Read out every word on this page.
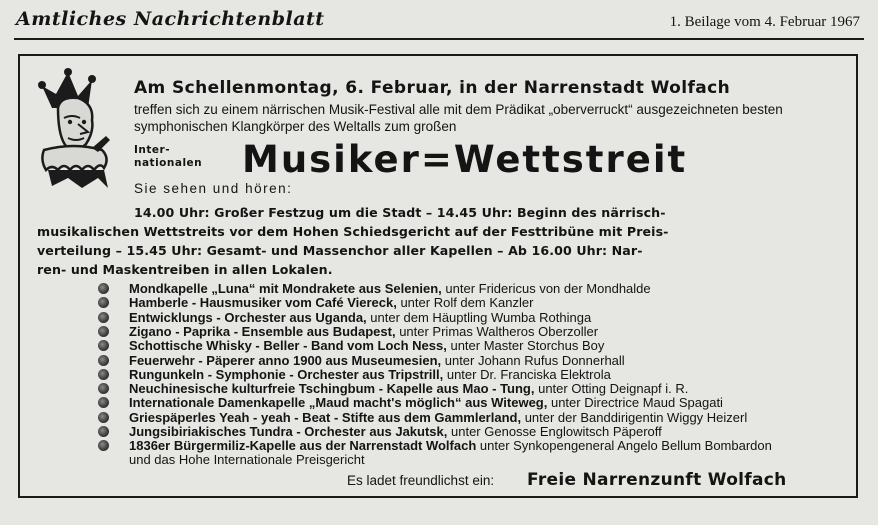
Amtliches Nachrichtenblatt	1. Beilage vom 4. Februar 1967
Am Schellenmontag, 6. Februar, in der Narrenstadt Wolfach
treffen sich zu einem närrischen Musik-Festival alle mit dem Prädikat „oberverruckt“ ausgezeichneten besten
symphonischen Klangkörper des Weltalls zum großen
Inter-
nationalen Musiker=Wettstreit
Sie sehen und hören:
14.00 Uhr: Großer Festzug um die Stadt – 14.45 Uhr: Beginn des närrisch-
musikalischen Wettstreits vor dem Hohen Schiedsgericht auf der Festtribüne mit Preis-
verteilung – 15.45 Uhr: Gesamt- und Massenchor aller Kapellen – Ab 16.00 Uhr: Nar-
ren- und Maskentreiben in allen Lokalen.
Mondkapelle „Luna“ mit Mondrakete aus Selenien, unter Fridericus von der Mondhalde
Hamberle - Hausmusiker vom Café Viereck, unter Rolf dem Kanzler
Entwicklungs - Orchester aus Uganda, unter dem Häuptling Wumba Rothinga
Zigano - Paprika - Ensemble aus Budapest, unter Primas Waltheros Oberzoller
Schottische Whisky - Beller - Band vom Loch Ness, unter Master Storchus Boy
Feuerwehr - Päperer anno 1900 aus Museumesien, unter Johann Rufus Donnerhall
Rungunkeln - Symphonie - Orchester aus Tripstrill, unter Dr. Franciska Elektrola
Neuchinesische kulturfreie Tschingbum - Kapelle aus Mao - Tung, unter Otting Deignapf i. R.
Internationale Damenkapelle „Maud macht's möglich“ aus Witeweg, unter Directrice Maud Spagati
Griespäperles Yeah - yeah - Beat - Stifte aus dem Gammlerland, unter der Banddirigentin Wiggy Heizerl
Jungsibiriakisches Tundra - Orchester aus Jakutsk, unter Genosse Englowitsch Päperoff
1836er Bürgermiliz-Kapelle aus der Narrenstadt Wolfach unter Synkopengeneral Angelo Bellum Bombardon
und das Hohe Internationale Preisgericht
Es ladet freundlichst ein: Freie Narrenzunft Wolfach
